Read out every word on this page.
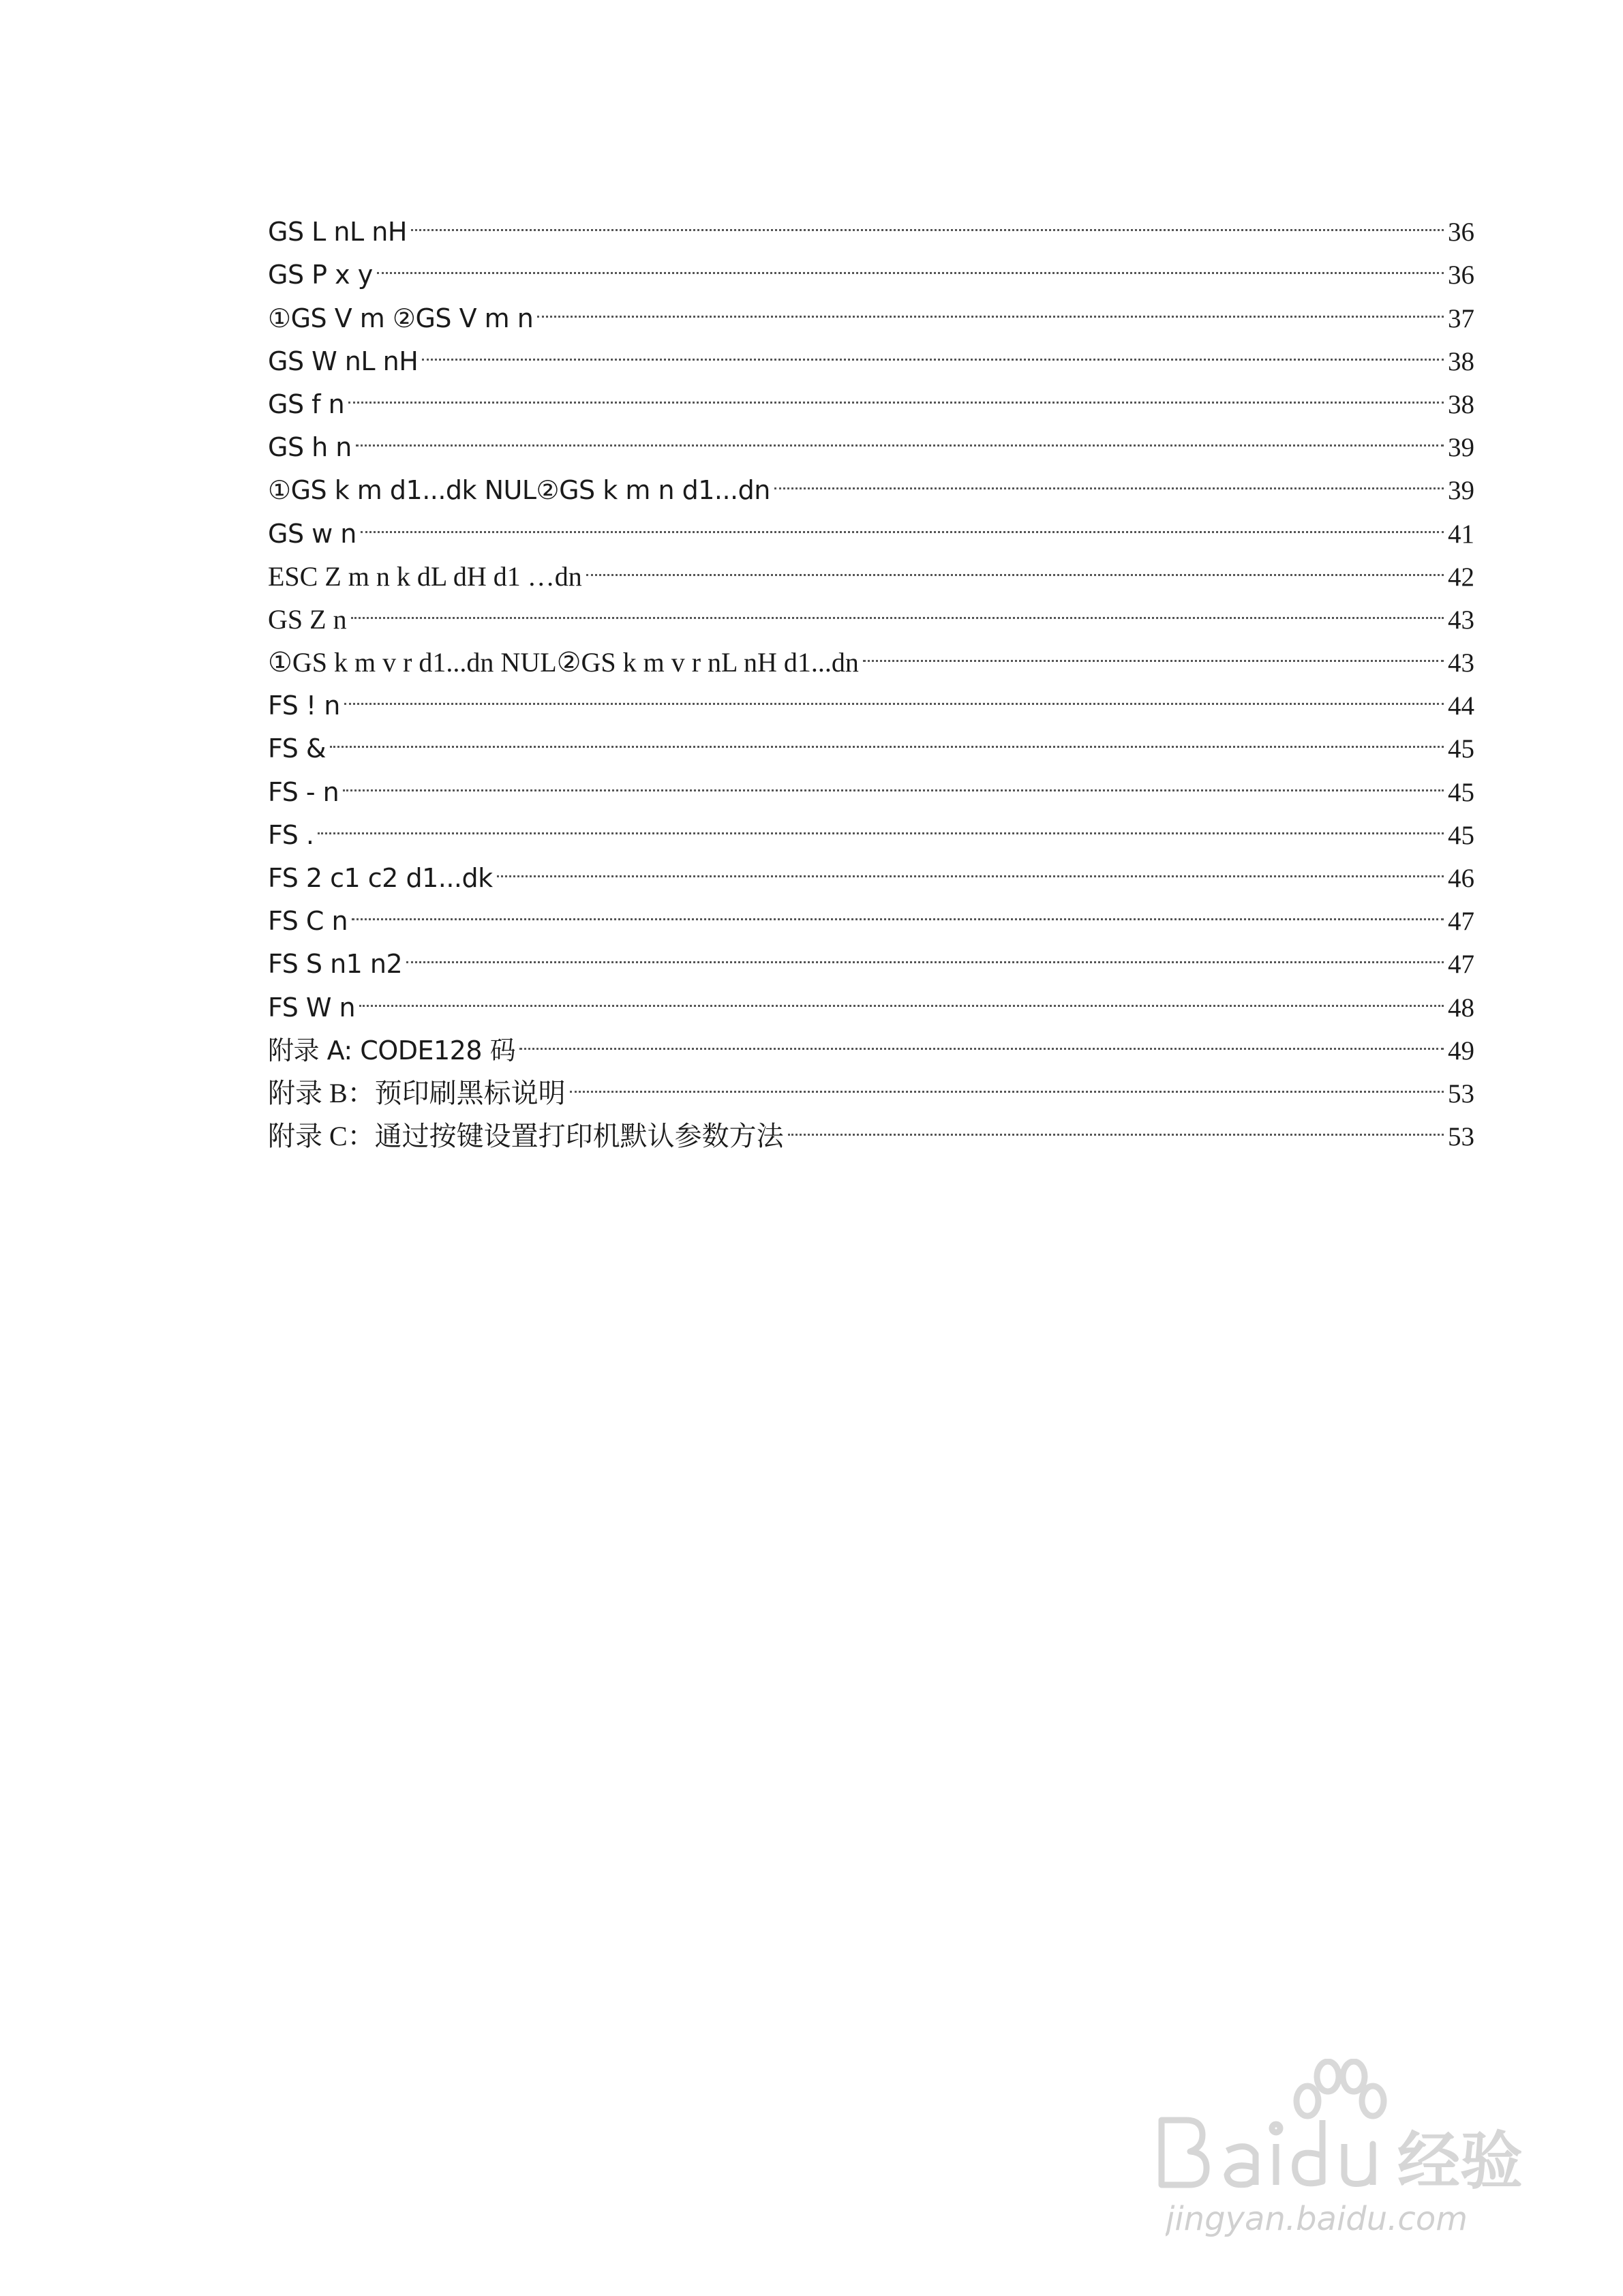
GS L nL nH	36
GS P x y	36
①GS V m ②GS V m n	37
GS W nL nH	38
GS f n	38
GS h n	39
①GS k m d1...dk NUL②GS k m n d1...dn	39
GS w n	41
ESC Z m n k dL dH d1 …dn	42
GS Z n	43
①GS k m v r d1...dn NUL②GS k m v r nL nH d1...dn	43
FS ! n	44
FS &	45
FS - n	45
FS .	45
FS 2 c1 c2 d1...dk	46
FS C n	47
FS S n1 n2	47
FS W n	48
附录 A: CODE128 码	49
附录 B：预印刷黑标说明	53
附录 C：通过按键设置打印机默认参数方法	53
经验
jingyan.baidu.com
